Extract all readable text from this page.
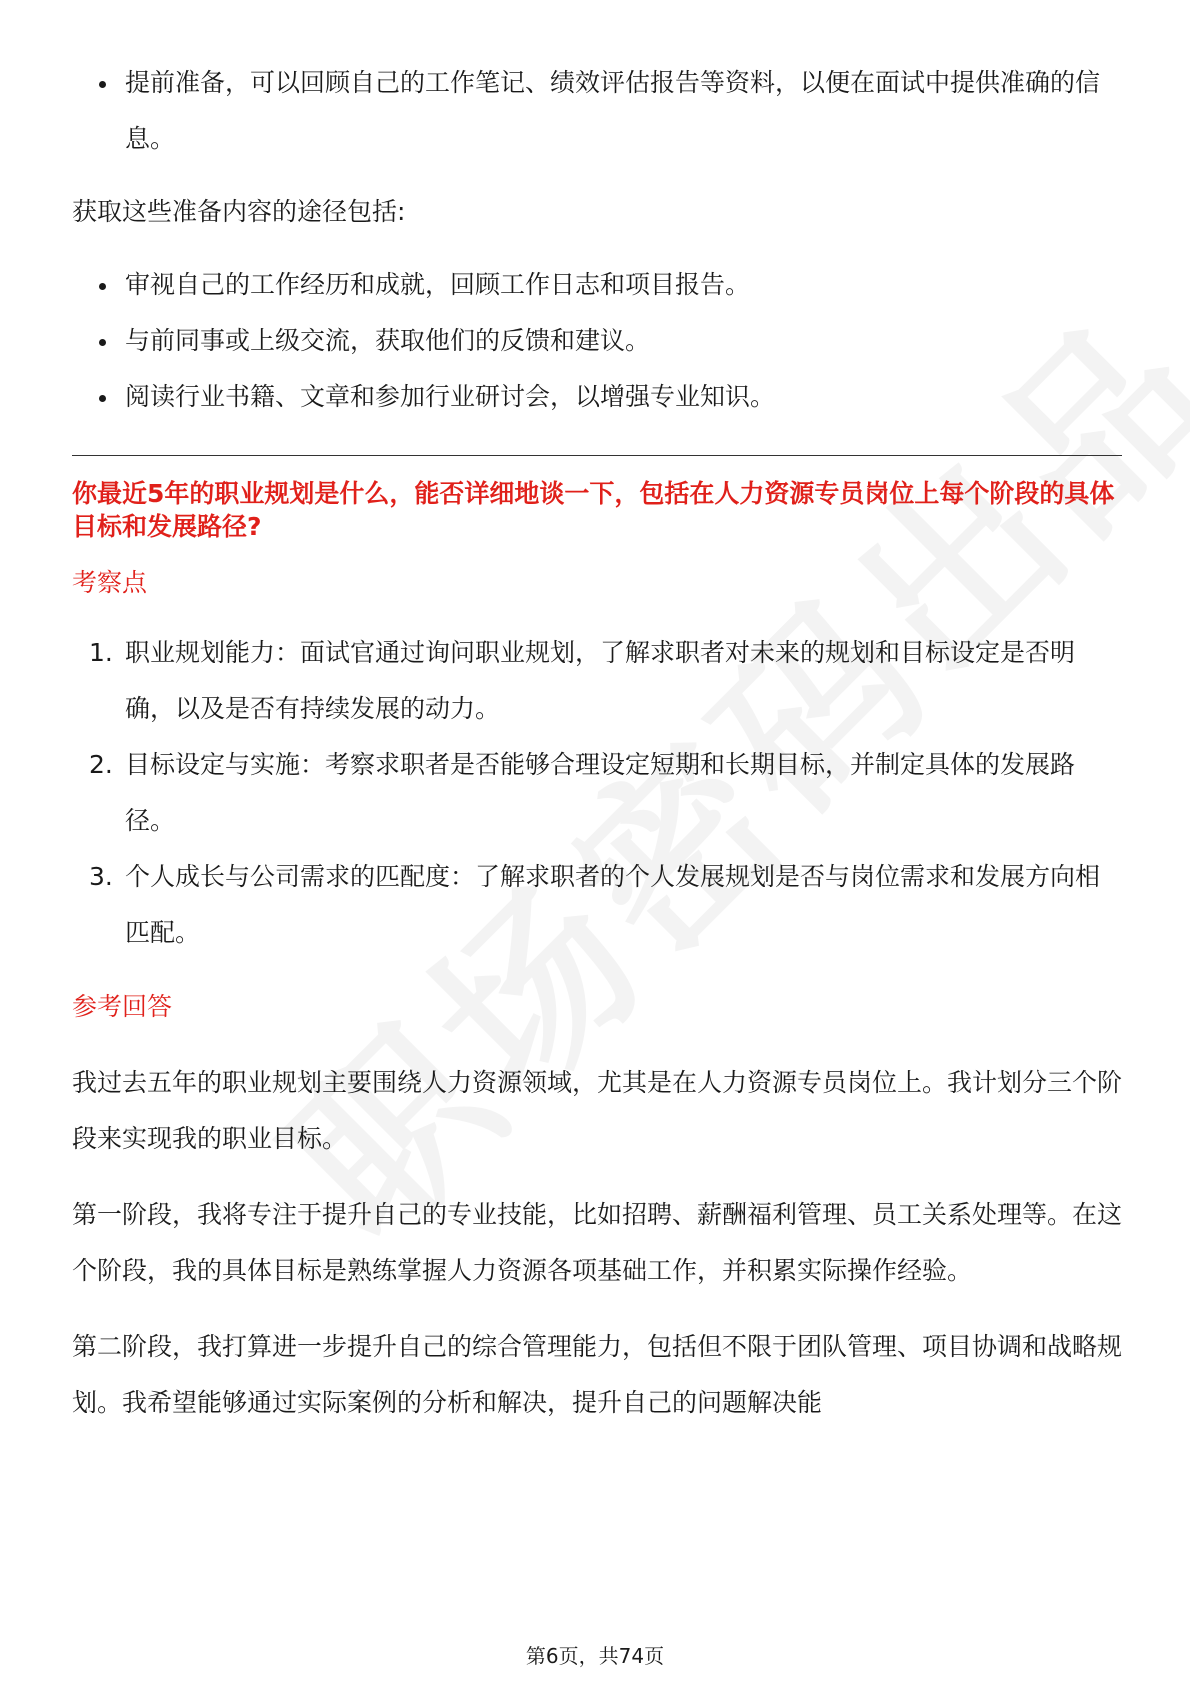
提前准备，可以回顾自己的工作笔记、绩效评估报告等资料，以便在面试中提供准确的信息。

获取这些准备内容的途径包括:

审视自己的工作经历和成就，回顾工作日志和项目报告。
与前同事或上级交流，获取他们的反馈和建议。
阅读行业书籍、文章和参加行业研讨会，以增强专业知识。

你最近5年的职业规划是什么，能否详细地谈一下，包括在人力资源专员岗位上每个阶段的具体目标和发展路径?

考察点

1. 职业规划能力：面试官通过询问职业规划，了解求职者对未来的规划和目标设定是否明确，以及是否有持续发展的动力。
2. 目标设定与实施：考察求职者是否能够合理设定短期和长期目标，并制定具体的发展路径。
3. 个人成长与公司需求的匹配度：了解求职者的个人发展规划是否与岗位需求和发展方向相匹配。

参考回答

我过去五年的职业规划主要围绕人力资源领域，尤其是在人力资源专员岗位上。我计划分三个阶段来实现我的职业目标。

第一阶段，我将专注于提升自己的专业技能，比如招聘、薪酬福利管理、员工关系处理等。在这个阶段，我的具体目标是熟练掌握人力资源各项基础工作，并积累实际操作经验。

第二阶段，我打算进一步提升自己的综合管理能力，包括但不限于团队管理、项目协调和战略规划。我希望能够通过实际案例的分析和解决，提升自己的问题解决能

第6页，共74页
